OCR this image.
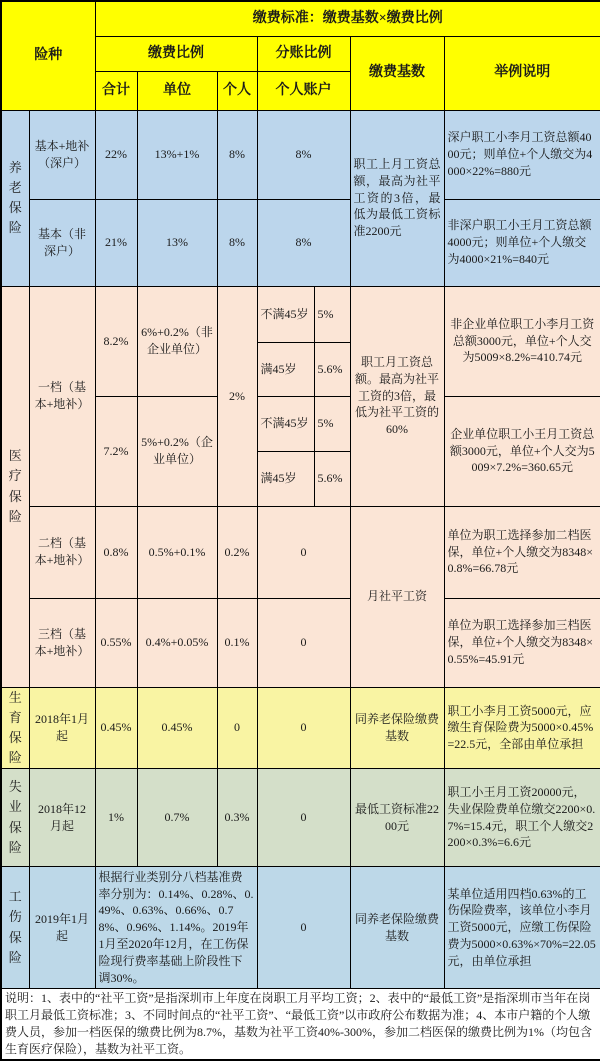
险种		缴费标准：缴费基数×缴费比例						
		缴费比例			分账比例		缴费基数	举例说明
		合计	单位	个人	个人账户			
养老保险	基本+地补（深户）	22%	13%+1%	8%	8%		职工上月工资总额，最高为社平工资的3倍，最低为最低工资标准2200元	深户职工小李月工资总额4000元；则单位+个人缴交为4000×22%=880元
	基本（非深户）	21%	13%	8%	8%			非深户职工小王月工资总额4000元；则单位+个人缴交为4000×21%=840元
医疗保险	一档（基本+地补）	8.2%	6%+0.2%（非企业单位）	2%	不满45岁	5%	职工月工资总额。最高为社平工资的3倍，最低为社平工资的60%	非企业单位职工小李月工资总额3000元，单位+个人交为5009×8.2%=410.74元
					满45岁	5.6%		
		7.2%	5%+0.2%（企业单位）		不满45岁	5%		企业单位职工小王月工资总额3000元，单位+个人交为5009×7.2%=360.65元
					满45岁	5.6%		
	二档（基本+地补）	0.8%	0.5%+0.1%	0.2%	0		月社平工资	单位为职工选择参加二档医保，单位+个人缴交为8348×0.8%=66.78元
	三档（基本+地补）	0.55%	0.4%+0.05%	0.1%	0			单位为职工选择参加三档医保，单位+个人缴交为8348×0.55%=45.91元
生育保险	2018年1月起	0.45%	0.45%	0	0		同养老保险缴费基数	职工小李月工资5000元，应缴生育保险费为5000×0.45%=22.5元，全部由单位承担
失业保险	2018年12月起	1%	0.7%	0.3%	0		最低工资标准2200元	职工小王月工资20000元，失业保险费单位缴交2200×0.7%=15.4元，职工个人缴交2200×0.3%=6.6元
工伤保险	2019年1月起	根据行业类别分八档基准费率分别为：0.14%、0.28%、0.49%、0.63%、0.66%、0.78%、0.96%、1.14%。2019年1月至2020年12月，在工伤保险现行费率基础上阶段性下调30%。			0		同养老保险缴费基数	某单位适用四档0.63%的工伤保险费率，该单位小李月工资5000元，应缴工伤保险费为5000×0.63%×70%=22.05元，由单位承担
说明：1、表中的“社平工资”是指深圳市上年度在岗职工月平均工资；2、表中的“最低工资”是指深圳市当年在岗职工月最低工资标准；3、不同时间点的“社平工资”、“最低工资”以市政府公布数据为准；4、本市户籍的个人缴费人员，参加一档医保的缴费比例为8.7%，基数为社平工资40%-300%，参加二档医保的缴费比例为1%（均包含生育医疗保险），基数为社平工资。								
